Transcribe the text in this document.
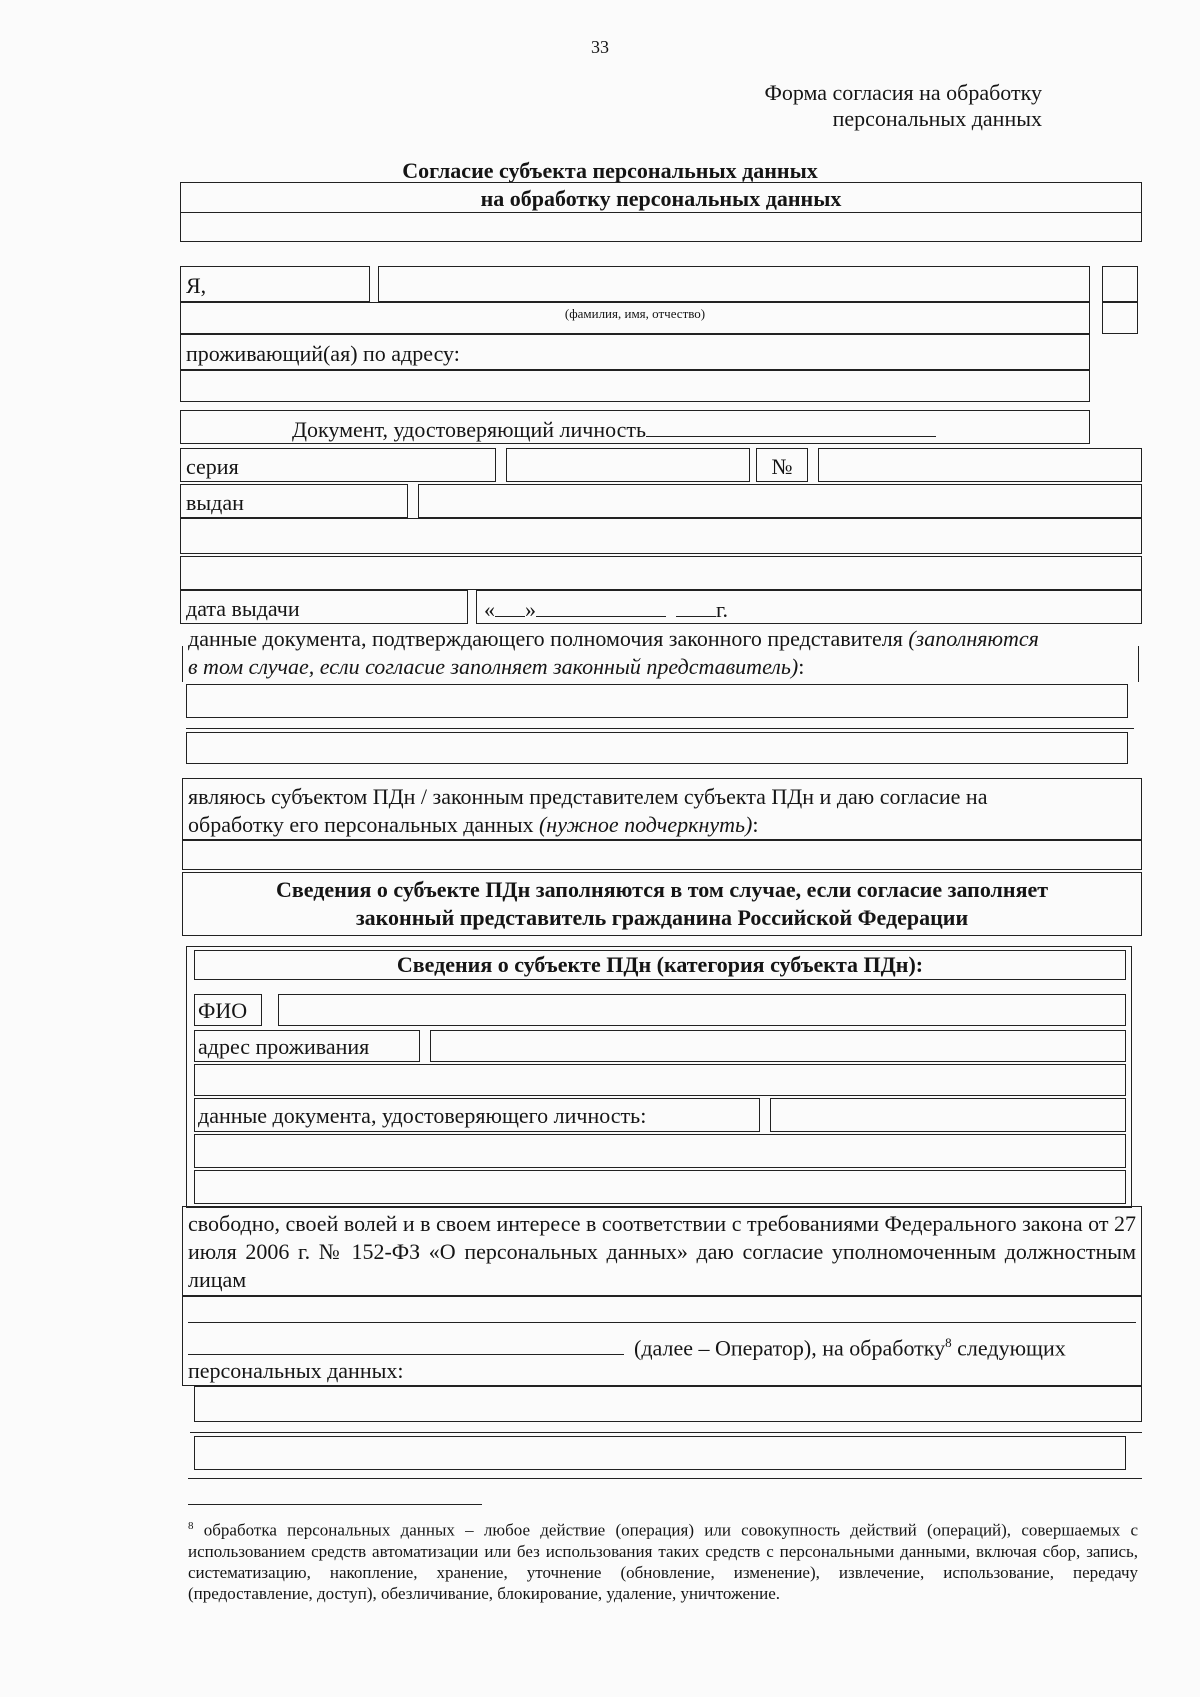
33
Форма согласия на обработку
персональных данных
Согласие субъекта персональных данных
на обработку персональных данных
Я,
(фамилия, имя, отчество)
проживающий(ая) по адресу:
Документ, удостоверяющий личность
серия	№
выдан
дата выдачи	« »	г.
данные документа, подтверждающего полномочия законного представителя (заполняются
в том случае, если согласие заполняет законный представитель):
являюсь субъектом ПДн / законным представителем субъекта ПДн и даю согласие на
обработку его персональных данных (нужное подчеркнуть):
Сведения о субъекте ПДн заполняются в том случае, если согласие заполняет
законный представитель гражданина Российской Федерации
Сведения о субъекте ПДн (категория субъекта ПДн):
ФИО
адрес проживания
данные документа, удостоверяющего личность:
свободно, своей волей и в своем интересе в соответствии с требованиями Федерального закона от 27 июля 2006 г. № 152-ФЗ «О персональных данных» даю согласие уполномоченным должностным лицам
(далее – Оператор), на обработку$^8$ следующих
персональных данных:
$^8$ обработка персональных данных – любое действие (операция) или совокупность действий (операций), совершаемых с использованием средств автоматизации или без использования таких средств с персональными данными, включая сбор, запись, систематизацию, накопление, хранение, уточнение (обновление, изменение), извлечение, использование, передачу (предоставление, доступ), обезличивание, блокирование, удаление, уничтожение.
